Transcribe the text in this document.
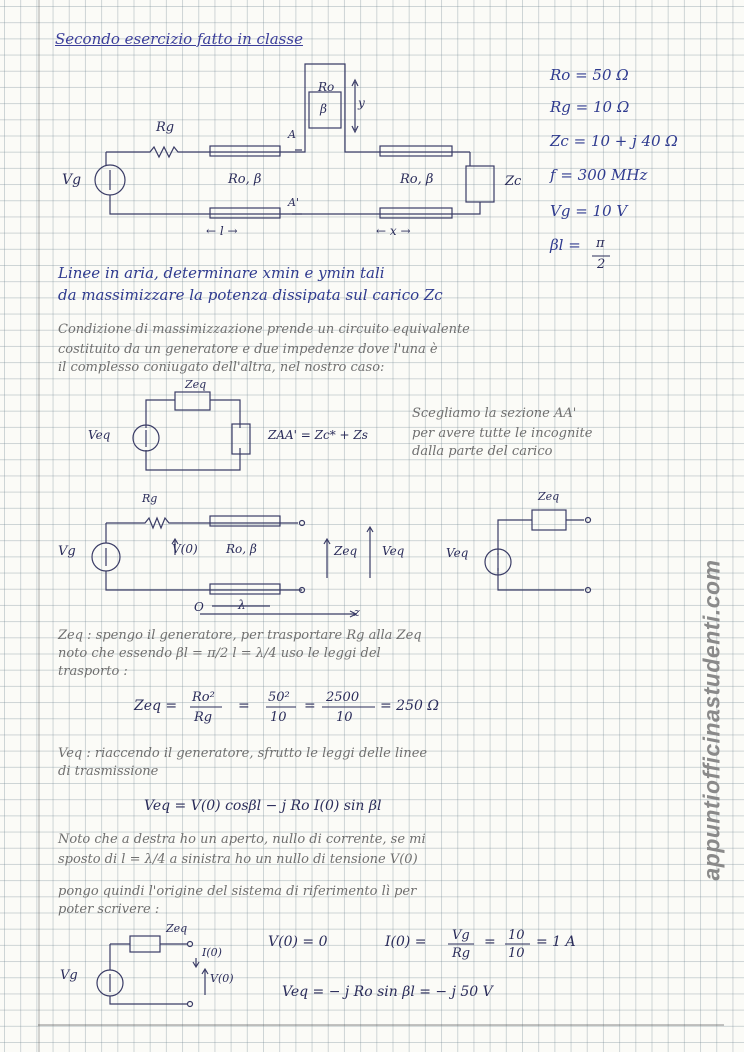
Secondo esercizio fatto in classe
Rg
Vg
A
A'
Ro, β	Ro, β
Ro
β	y
Zc
← l →	← x →
Ro = 50 Ω
Rg = 10 Ω
Zc = 10 + j 40 Ω
f = 300 MHz
Vg = 10 V
βl = π
2
Linee in aria, determinare xmin e ymin tali
da massimizzare la potenza dissipata sul carico Zc
Condizione di massimizzazione prende un circuito equivalente
costituito da un generatore e due impedenze dove l'una è
il complesso coniugato dell'altra, nel nostro caso:
Zeq
Veq	ZAA' = Zc* + Zs
Scegliamo la sezione AA'
per avere tutte le incognite
dalla parte del carico
Rg
Vg	V(0) Ro, β	Zeq Veq
O	λ
z
Zeq
Veq
Zeq : spengo il generatore, per trasportare Rg alla Zeq
noto che essendo βl = π/2 l = λ/4 uso le leggi del
trasporto :
Zeq =
Ro²
Rg
=
50²
10
=
2500
10
= 250 Ω
Veq : riaccendo il generatore, sfrutto le leggi delle linee
di trasmissione
Veq = V(0) cosβl − j Ro I(0) sin βl
Noto che a destra ho un aperto, nullo di corrente, se mi
sposto di l = λ/4 a sinistra ho un nullo di tensione V(0)
pongo quindi l'origine del sistema di riferimento lì per
poter scrivere :
Zeq
I(0)
V(0)
Vg
V(0) = 0	I(0) = Vg
Rg
= 10
10
= 1 A
Veq = − j Ro sin βl = − j 50 V
appuntiofficinastudenti.com
